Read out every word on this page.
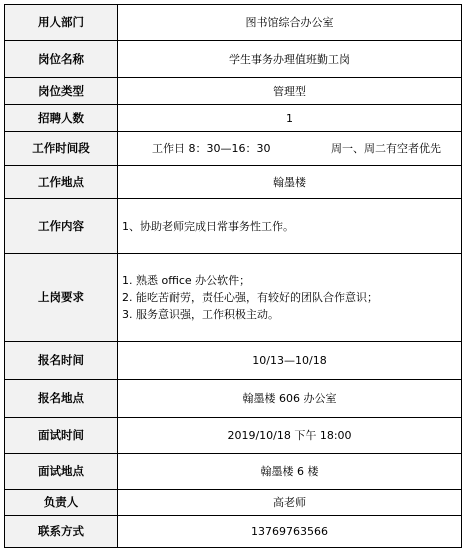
用人部门	图书馆综合办公室
岗位名称	学生事务办理值班勤工岗
岗位类型	管理型
招聘人数	1
工作时间段	工作日 8：30—16：30 周一、周二有空者优先

工作地点	翰墨楼
工作内容	1、协助老师完成日常事务性工作。
上岗要求	1. 熟悉 office 办公软件；
2. 能吃苦耐劳，责任心强，有较好的团队合作意识；
3. 服务意识强，工作积极主动。

报名时间	10/13—10/18
报名地点	翰墨楼 606 办公室
面试时间	2019/10/18 下午 18:00
面试地点	翰墨楼 6 楼
负责人	高老师
联系方式	13769763566
